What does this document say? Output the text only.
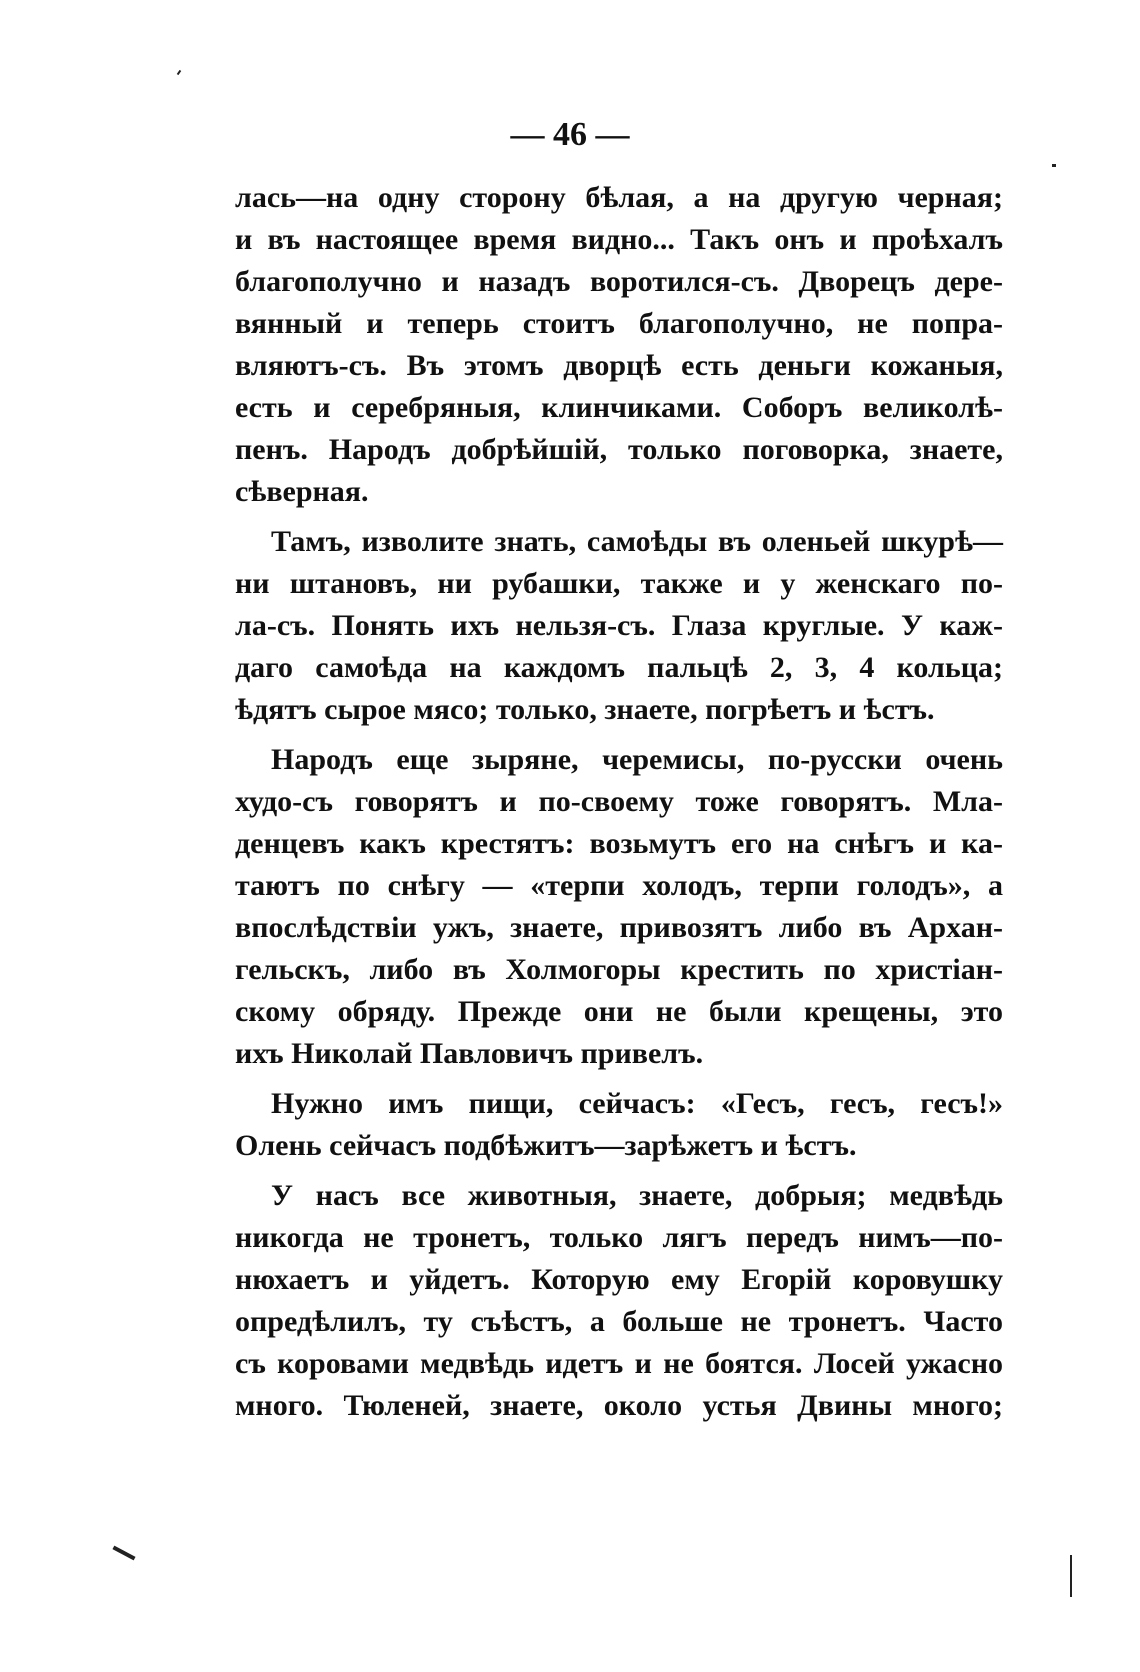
— 46 —
лась—на одну сторону бѣлая, а на другую черная;
и въ настоящее время видно... Такъ онъ и проѣхалъ
благополучно и назадъ воротился-съ. Дворецъ дере-
вянный и теперь стоитъ благополучно, не попра-
вляютъ-съ. Въ этомъ дворцѣ есть деньги кожаныя,
есть и серебряныя, клинчиками. Соборъ великолѣ-
пенъ. Народъ добрѣйшій, только поговорка, знаете,
сѣверная.
Тамъ, изволите знать, самоѣды въ оленьей шкурѣ—
ни штановъ, ни рубашки, также и у женскаго по-
ла-съ. Понять ихъ нельзя-съ. Глаза круглые. У каж-
даго самоѣда на каждомъ пальцѣ 2, 3, 4 кольца;
ѣдятъ сырое мясо; только, знаете, погрѣетъ и ѣстъ.
Народъ еще зыряне, черемисы, по-русски очень
худо-съ говорятъ и по-своему тоже говорятъ. Мла-
денцевъ какъ крестятъ: возьмутъ его на снѣгъ и ка-
таютъ по снѣгу — «терпи холодъ, терпи голодъ», а
впослѣдствіи ужъ, знаете, привозятъ либо въ Архан-
гельскъ, либо въ Холмогоры крестить по христіан-
скому обряду. Прежде они не были крещены, это
ихъ Николай Павловичъ привелъ.
Нужно имъ пищи, сейчасъ: «Гесъ, гесъ, гесъ!»
Олень сейчасъ подбѣжитъ—зарѣжетъ и ѣстъ.
У насъ все животныя, знаете, добрыя; медвѣдь
никогда не тронетъ, только лягъ передъ нимъ—по-
нюхаетъ и уйдетъ. Которую ему Егорій коровушку
опредѣлилъ, ту съѣстъ, а больше не тронетъ. Часто
съ коровами медвѣдь идетъ и не боятся. Лосей ужасно
много. Тюленей, знаете, около устья Двины много;
